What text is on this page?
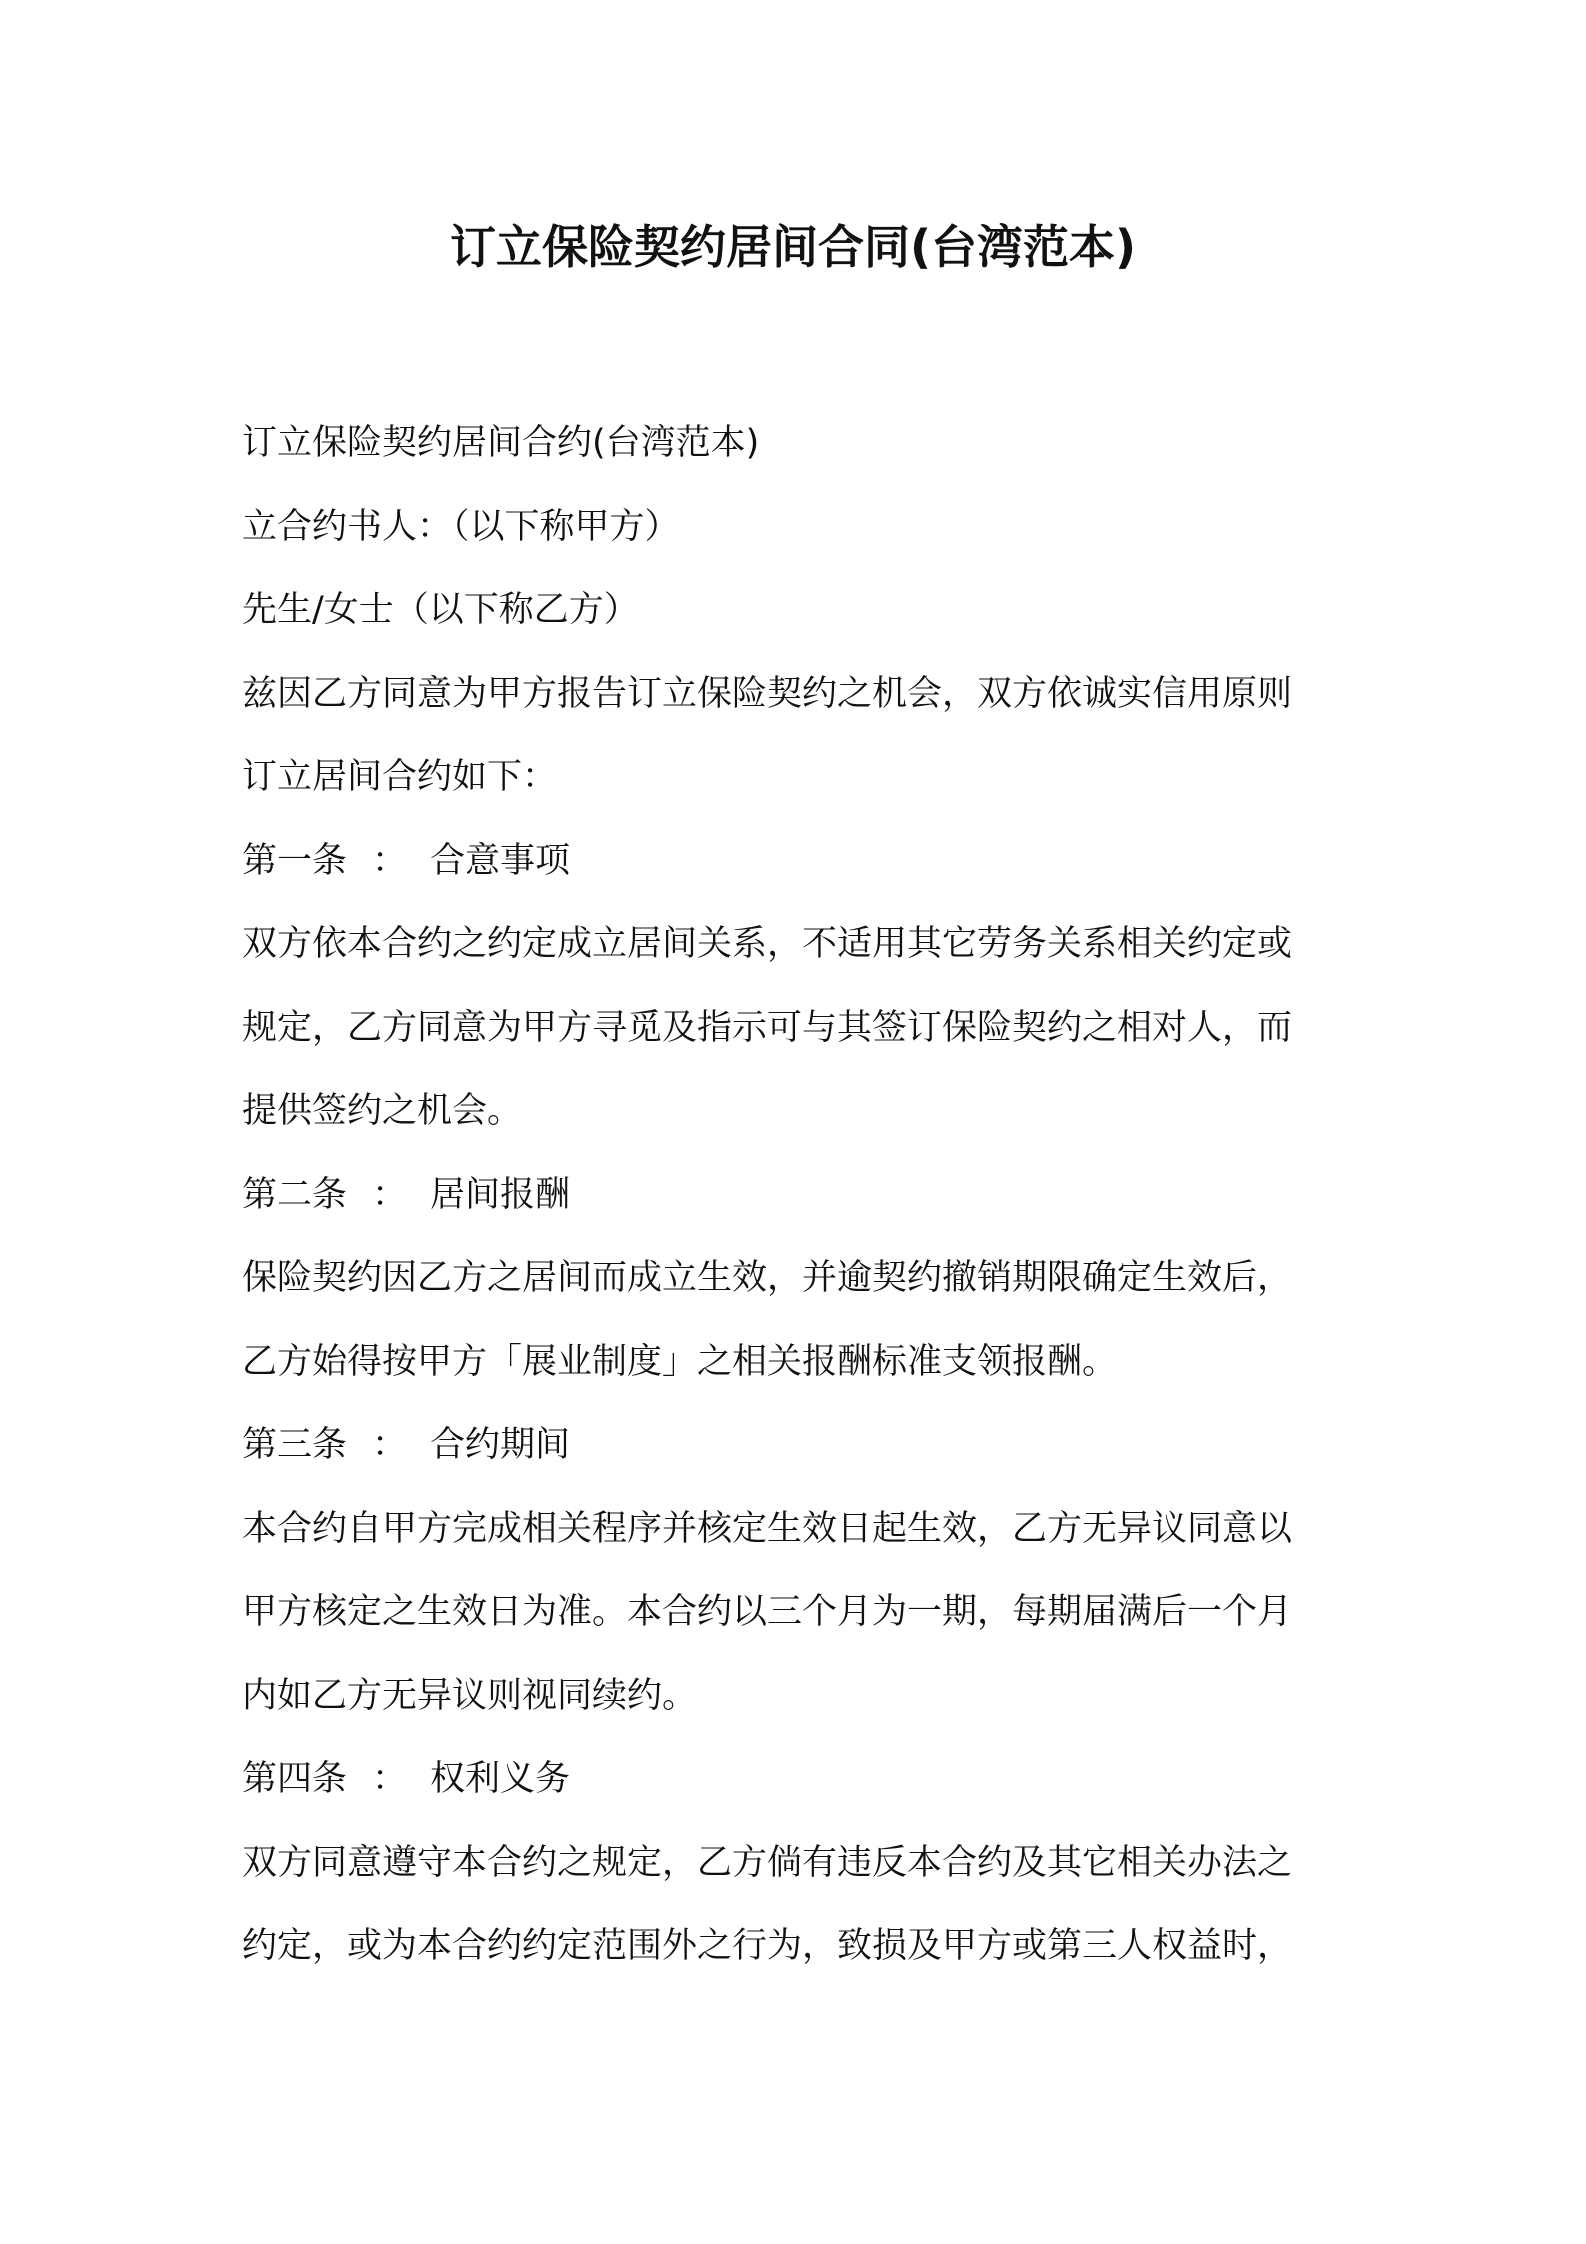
订立保险契约居间合同(台湾范本)
订立保险契约居间合约(台湾范本)
立合约书人：（以下称甲方）
先生/女士（以下称乙方）
兹因乙方同意为甲方报告订立保险契约之机会，双方依诚实信用原则
订立居间合约如下：
第一条 ： 合意事项
双方依本合约之约定成立居间关系，不适用其它劳务关系相关约定或
规定，乙方同意为甲方寻觅及指示可与其签订保险契约之相对人，而
提供签约之机会。
第二条 ： 居间报酬
保险契约因乙方之居间而成立生效，并逾契约撤销期限确定生效后，
乙方始得按甲方「展业制度」之相关报酬标准支领报酬。
第三条 ： 合约期间
本合约自甲方完成相关程序并核定生效日起生效，乙方无异议同意以
甲方核定之生效日为准。本合约以三个月为一期，每期届满后一个月
内如乙方无异议则视同续约。
第四条 ： 权利义务
双方同意遵守本合约之规定，乙方倘有违反本合约及其它相关办法之
约定，或为本合约约定范围外之行为，致损及甲方或第三人权益时，
